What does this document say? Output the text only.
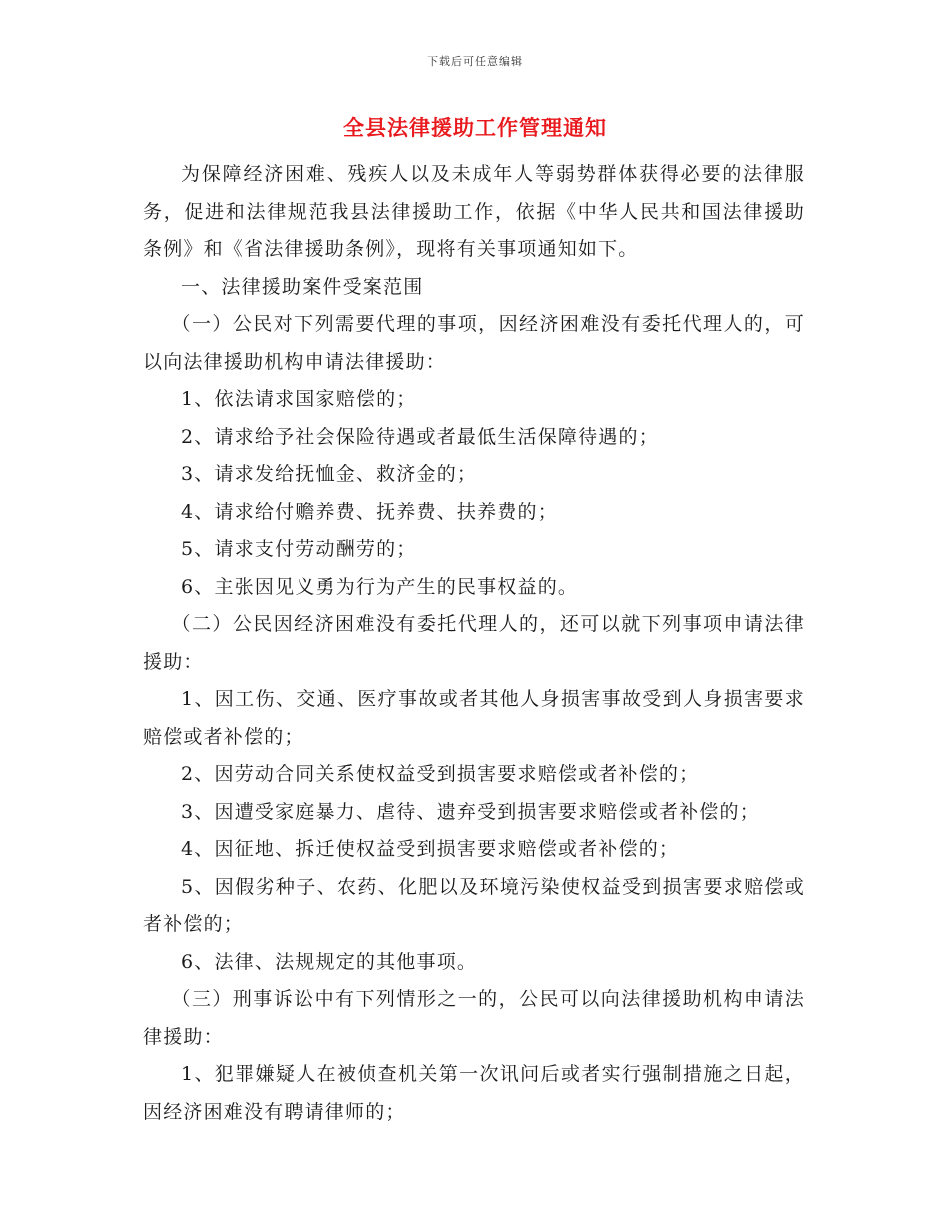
下载后可任意编辑
全县法律援助工作管理通知

为保障经济困难、残疾人以及未成年人等弱势群体获得必要的法律服务，促进和法律规范我县法律援助工作，依据《中华人民共和国法律援助条例》和《省法律援助条例》，现将有关事项通知如下。

一、法律援助案件受案范围

（一）公民对下列需要代理的事项，因经济困难没有委托代理人的，可以向法律援助机构申请法律援助：

1、依法请求国家赔偿的；

2、请求给予社会保险待遇或者最低生活保障待遇的；

3、请求发给抚恤金、救济金的；

4、请求给付赡养费、抚养费、扶养费的；

5、请求支付劳动酬劳的；

6、主张因见义勇为行为产生的民事权益的。

（二）公民因经济困难没有委托代理人的，还可以就下列事项申请法律援助：

1、因工伤、交通、医疗事故或者其他人身损害事故受到人身损害要求赔偿或者补偿的；

2、因劳动合同关系使权益受到损害要求赔偿或者补偿的；

3、因遭受家庭暴力、虐待、遗弃受到损害要求赔偿或者补偿的；

4、因征地、拆迁使权益受到损害要求赔偿或者补偿的；

5、因假劣种子、农药、化肥以及环境污染使权益受到损害要求赔偿或者补偿的；

6、法律、法规规定的其他事项。

（三）刑事诉讼中有下列情形之一的，公民可以向法律援助机构申请法律援助：

1、犯罪嫌疑人在被侦查机关第一次讯问后或者实行强制措施之日起，因经济困难没有聘请律师的；
